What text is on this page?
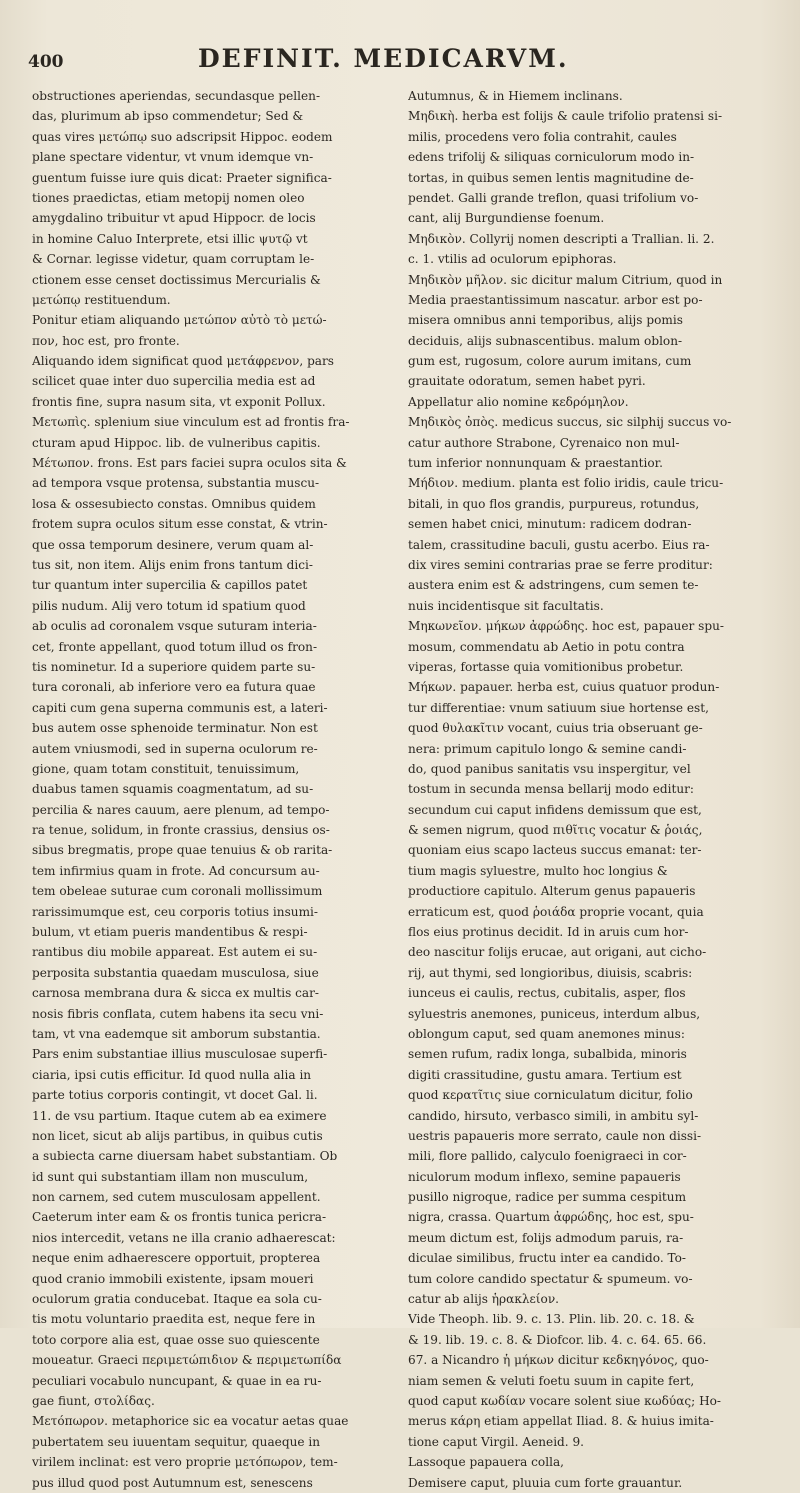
400	DEFINIT. MEDICARVM.
obstructiones aperiendas, secundasque pellen-
das, plurimum ab ipso commendetur; Sed &
quas vires μετώπῳ suo adscripsit Hippoc. eodem
plane spectare videntur, vt vnum idemque vn-
guentum fuisse iure quis dicat: Praeter significa-
tiones praedictas, etiam metopij nomen oleo
amygdalino tribuitur vt apud Hippocr. de locis
in homine Caluo Interprete, etsi illic ψυτῷ vt
& Cornar. legisse videtur, quam corruptam le-
ctionem esse censet doctissimus Mercurialis &
μετώπῳ restituendum.
Ponitur etiam aliquando μετώπον αὐτὸ τὸ μετώ-
πον, hoc est, pro fronte.
Aliquando idem significat quod μετάφρενον, pars
scilicet quae inter duo supercilia media est ad
frontis fine, supra nasum sita, vt exponit Pollux.
Μετωπὶς. splenium siue vinculum est ad frontis fra-
cturam apud Hippoc. lib. de vulneribus capitis.
Μέτωπον. frons. Est pars faciei supra oculos sita &
ad tempora vsque protensa, substantia muscu-
losa & ossesubiecto constas. Omnibus quidem
frotem supra oculos situm esse constat, & vtrin-
que ossa temporum desinere, verum quam al-
tus sit, non item. Alijs enim frons tantum dici-
tur quantum inter supercilia & capillos patet
pilis nudum. Alij vero totum id spatium quod
ab oculis ad coronalem vsque suturam interia-
cet, fronte appellant, quod totum illud os fron-
tis nominetur. Id a superiore quidem parte su-
tura coronali, ab inferiore vero ea futura quae
capiti cum gena superna communis est, a lateri-
bus autem osse sphenoide terminatur. Non est
autem vniusmodi, sed in superna oculorum re-
gione, quam totam constituit, tenuissimum,
duabus tamen squamis coagmentatum, ad su-
percilia & nares cauum, aere plenum, ad tempo-
ra tenue, solidum, in fronte crassius, densius os-
sibus bregmatis, prope quae tenuius & ob rarita-
tem infirmius quam in frote. Ad concursum au-
tem obeleae suturae cum coronali mollissimum
rarissimumque est, ceu corporis totius insumi-
bulum, vt etiam pueris mandentibus & respi-
rantibus diu mobile appareat. Est autem ei su-
perposita substantia quaedam musculosa, siue
carnosa membrana dura & sicca ex multis car-
nosis fibris conflata, cutem habens ita secu vni-
tam, vt vna eademque sit amborum substantia.
Pars enim substantiae illius musculosae superfi-
ciaria, ipsi cutis efficitur. Id quod nulla alia in
parte totius corporis contingit, vt docet Gal. li.
11. de vsu partium. Itaque cutem ab ea eximere
non licet, sicut ab alijs partibus, in quibus cutis
a subiecta carne diuersam habet substantiam. Ob
id sunt qui substantiam illam non musculum,
non carnem, sed cutem musculosam appellent.
Caeterum inter eam & os frontis tunica pericra-
nios intercedit, vetans ne illa cranio adhaerescat:
neque enim adhaerescere opportuit, propterea
quod cranio immobili existente, ipsam moueri
oculorum gratia conducebat. Itaque ea sola cu-
tis motu voluntario praedita est, neque fere in
toto corpore alia est, quae osse suo quiescente
moueatur. Graeci περιμετώπιδιον & περιμετωπίδα
peculiari vocabulo nuncupant, & quae in ea ru-
gae fiunt, στολίδας.
Μετόπωρον. metaphorice sic ea vocatur aetas quae
pubertatem seu iuuentam sequitur, quaeque in
virilem inclinat: est vero proprie μετόπωρον, tem-
pus illud quod post Autumnum est, senescens
Autumnus, & in Hiemem inclinans.
Μηδικὴ. herba est folijs & caule trifolio pratensi si-
milis, procedens vero folia contrahit, caules
edens trifolij & siliquas corniculorum modo in-
tortas, in quibus semen lentis magnitudine de-
pendet. Galli grande treflon, quasi trifolium vo-
cant, alij Burgundiense foenum.
Μηδικὸν. Collyrij nomen descripti a Trallian. li. 2.
c. 1. vtilis ad oculorum epiphoras.
Μηδικὸν μῆλον. sic dicitur malum Citrium, quod in
Media praestantissimum nascatur. arbor est po-
misera omnibus anni temporibus, alijs pomis
deciduis, alijs subnascentibus. malum oblon-
gum est, rugosum, colore aurum imitans, cum
grauitate odoratum, semen habet pyri.
Appellatur alio nomine κεδρόμηλον.
Μηδικὸς ὀπὸς. medicus succus, sic silphij succus vo-
catur authore Strabone, Cyrenaico non mul-
tum inferior nonnunquam & praestantior.
Μήδιον. medium. planta est folio iridis, caule tricu-
bitali, in quo flos grandis, purpureus, rotundus,
semen habet cnici, minutum: radicem dodran-
talem, crassitudine baculi, gustu acerbo. Eius ra-
dix vires semini contrarias prae se ferre proditur:
austera enim est & adstringens, cum semen te-
nuis incidentisque sit facultatis.
Μηκωνεῖον. μήκων ἀφρώδης. hoc est, papauer spu-
mosum, commendatu ab Aetio in potu contra
viperas, fortasse quia vomitionibus probetur.
Μήκων. papauer. herba est, cuius quatuor produn-
tur differentiae: vnum satiuum siue hortense est,
quod θυλακῖτιν vocant, cuius tria obseruant ge-
nera: primum capitulo longo & semine candi-
do, quod panibus sanitatis vsu inspergitur, vel
tostum in secunda mensa bellarij modo editur:
secundum cui caput infidens demissum que est,
& semen nigrum, quod πιθῖτις vocatur & ῥοιάς,
quoniam eius scapo lacteus succus emanat: ter-
tium magis syluestre, multo hoc longius &
productiore capitulo. Alterum genus papaueris
erraticum est, quod ῥοιάδα proprie vocant, quia
flos eius protinus decidit. Id in aruis cum hor-
deo nascitur folijs erucae, aut origani, aut cicho-
rij, aut thymi, sed longioribus, diuisis, scabris:
iunceus ei caulis, rectus, cubitalis, asper, flos
syluestris anemones, puniceus, interdum albus,
oblongum caput, sed quam anemones minus:
semen rufum, radix longa, subalbida, minoris
digiti crassitudine, gustu amara. Tertium est
quod κερατῖτις siue corniculatum dicitur, folio
candido, hirsuto, verbasco simili, in ambitu syl-
uestris papaueris more serrato, caule non dissi-
mili, flore pallido, calyculo foenigraeci in cor-
niculorum modum inflexo, semine papaueris
pusillo nigroque, radice per summa cespitum
nigra, crassa. Quartum ἀφρώδης, hoc est, spu-
meum dictum est, folijs admodum paruis, ra-
diculae similibus, fructu inter ea candido. To-
tum colore candido spectatur & spumeum. vo-
catur ab alijs ἡρακλείον.
Vide Theoph. lib. 9. c. 13. Plin. lib. 20. c. 18. &
& 19. lib. 19. c. 8. & Diofcor. lib. 4. c. 64. 65. 66.
67. a Nicandro ἡ μήκων dicitur κεδκηγόνος, quo-
niam semen & veluti foetu suum in capite fert,
quod caput κωδίαν vocare solent siue κωδύας; Ho-
merus κάρη etiam appellat Iliad. 8. & huius imita-
tione caput Virgil. Aeneid. 9.
Lassoque papauera colla,
Demisere caput, pluuia cum forte grauantur.
